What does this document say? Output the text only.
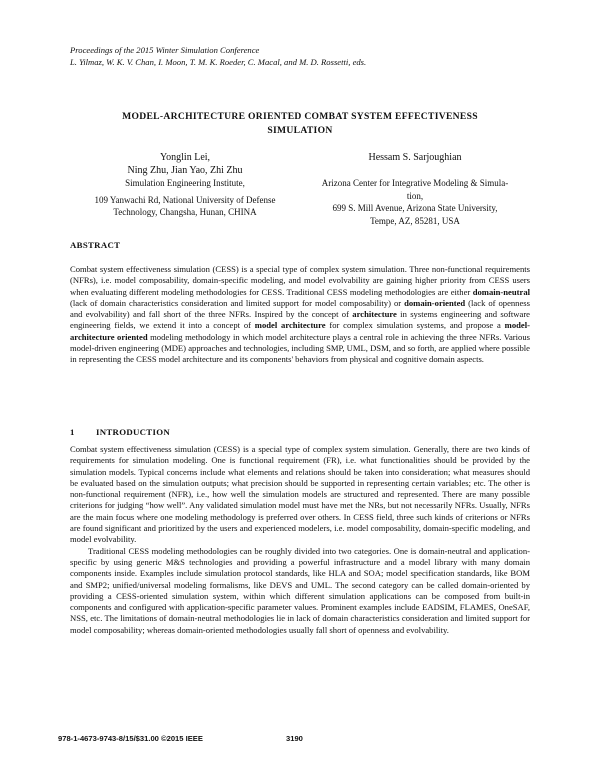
Proceedings of the 2015 Winter Simulation Conference
L. Yilmaz, W. K. V. Chan, I. Moon, T. M. K. Roeder, C. Macal, and M. D. Rossetti, eds.
MODEL-ARCHITECTURE ORIENTED COMBAT SYSTEM EFFECTIVENESS
SIMULATION
Yonglin Lei,
Ning Zhu, Jian Yao, Zhi Zhu
Simulation Engineering Institute,
109 Yanwachi Rd, National University of Defense
Technology, Changsha, Hunan, CHINA
Hessam S. Sarjoughian
Arizona Center for Integrative Modeling & Simula-
tion,
699 S. Mill Avenue, Arizona State University,
Tempe, AZ, 85281, USA
ABSTRACT

Combat system effectiveness simulation (CESS) is a special type of complex system simulation. Three non-functional requirements (NFRs), i.e. model composability, domain-specific modeling, and model evolvability are gaining higher priority from CESS users when evaluating different modeling methodologies for CESS. Traditional CESS modeling methodologies are either domain-neutral (lack of domain characteristics consideration and limited support for model composability) or domain-oriented (lack of openness and evolvability) and fall short of the three NFRs. Inspired by the concept of architecture in systems engineering and software engineering fields, we extend it into a concept of model architecture for complex simulation systems, and propose a model-architecture oriented modeling methodology in which model architecture plays a central role in achieving the three NFRs. Various model-driven engineering (MDE) approaches and technologies, including SMP, UML, DSM, and so forth, are applied where possible in representing the CESS model architecture and its components' behaviors from physical and cognitive domain aspects.

1 INTRODUCTION

Combat system effectiveness simulation (CESS) is a special type of complex system simulation. Generally, there are two kinds of requirements for simulation modeling. One is functional requirement (FR), i.e. what functionalities should be provided by the simulation models. Typical concerns include what elements and relations should be taken into consideration; what measures should be evaluated based on the simulation outputs; what precision should be supported in representing certain variables; etc. The other is non-functional requirement (NFR), i.e., how well the simulation models are structured and represented. There are many possible criterions for judging “how well”. Any validated simulation model must have met the NRs, but not necessarily NFRs. Usually, NFRs are the main focus where one modeling methodology is preferred over others. In CESS field, three such kinds of criterions or NFRs are found significant and prioritized by the users and experienced modelers, i.e. model composability, domain-specific modeling, and model evolvability.

Traditional CESS modeling methodologies can be roughly divided into two categories. One is domain-neutral and application-specific by using generic M&S technologies and providing a powerful infrastructure and a model library with many domain components inside. Examples include simulation protocol standards, like HLA and SOA; model specification standards, like BOM and SMP2; unified/universal modeling formalisms, like DEVS and UML. The second category can be called domain-oriented by providing a CESS-oriented simulation system, within which different simulation applications can be composed from built-in components and configured with application-specific parameter values. Prominent examples include EADSIM, FLAMES, OneSAF, NSS, etc. The limitations of domain-neutral methodologies lie in lack of domain characteristics consideration and limited support for model composability; whereas domain-oriented methodologies usually fall short of openness and evolvability.

978-1-4673-9743-8/15/$31.00 ©2015 IEEE	3190
